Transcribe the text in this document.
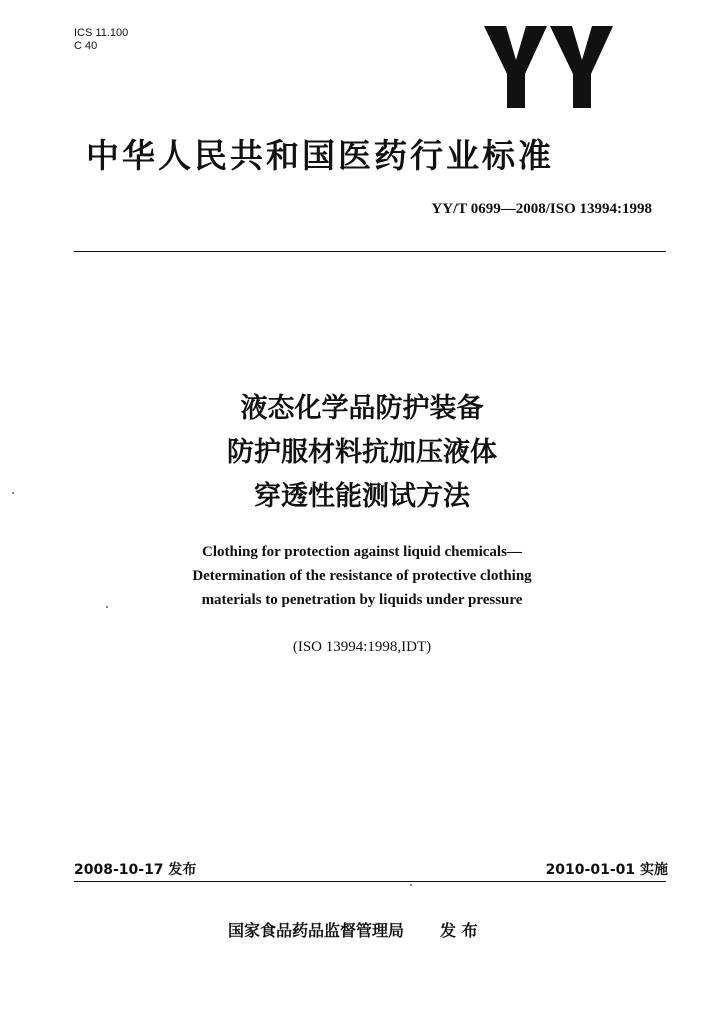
ICS 11.100
C 40
中华人民共和国医药行业标准
YY/T 0699—2008/ISO 13994:1998
液态化学品防护装备
防护服材料抗加压液体
穿透性能测试方法
Clothing for protection against liquid chemicals—
Determination of the resistance of protective clothing
materials to penetration by liquids under pressure
(ISO 13994:1998,IDT)
2008-10-17 发布	2010-01-01 实施
国家食品药品监督管理局 发 布
